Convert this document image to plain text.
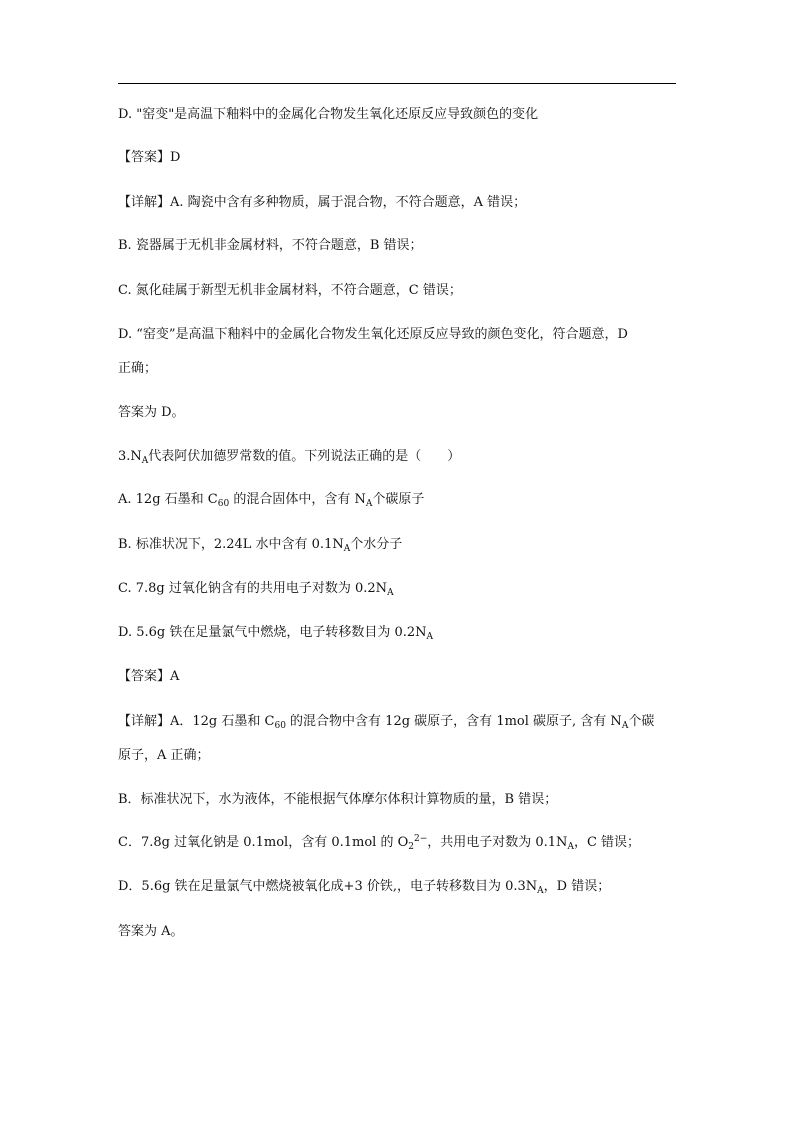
D. "窑变"是高温下釉料中的金属化合物发生氧化还原反应导致颜色的变化
【答案】D
【详解】A. 陶瓷中含有多种物质，属于混合物，不符合题意，A 错误；
B. 瓷器属于无机非金属材料，不符合题意，B 错误；
C. 氮化硅属于新型无机非金属材料，不符合题意，C 错误；
D. “窑变”是高温下釉料中的金属化合物发生氧化还原反应导致的颜色变化，符合题意，D
正确；
答案为 D。
$3.N_A$代表阿伏加德罗常数的值。下列说法正确的是（　　）
A. 12g 石墨和 $C_{60}$ 的混合固体中，含有 $N_A$个碳原子
B. 标准状况下，2.24L 水中含有 $0.1N_A$个水分子
C. 7.8g 过氧化钠含有的共用电子对数为 $0.2N_A$
D. 5.6g 铁在足量氯气中燃烧，电子转移数目为 $0.2N_A$
【答案】A
【详解】A．12g 石墨和 $C_{60}$ 的混合物中含有 12g 碳原子，含有 1mol 碳原子, 含有 $N_A$个碳
原子，A 正确；
B．标准状况下，水为液体，不能根据气体摩尔体积计算物质的量，B 错误；
C．7.8g 过氧化钠是 0.1mol，含有 0.1mol 的 $O_2^{2-}$，共用电子对数为 $0.1N_A$，C 错误；
D．5.6g 铁在足量氯气中燃烧被氧化成+3 价铁,，电子转移数目为 $0.3N_A$，D 错误；
答案为 A。
